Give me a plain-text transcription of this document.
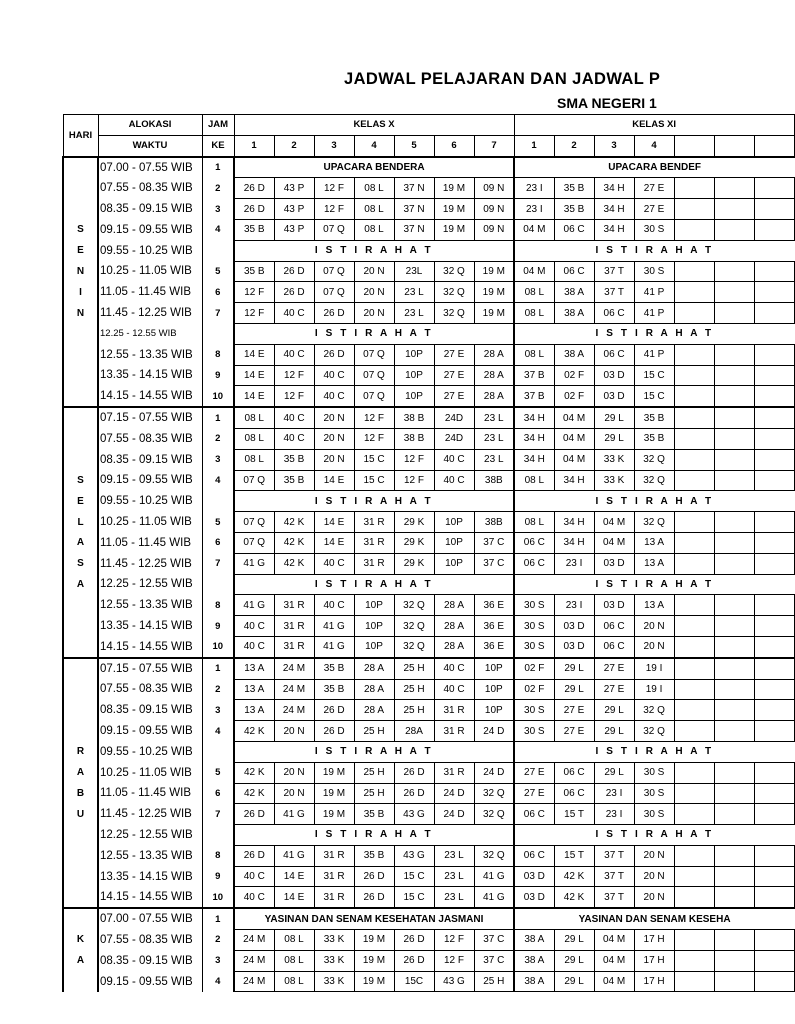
JADWAL PELAJARAN DAN JADWAL P
SMA NEGERI 1
HARI	ALOKASI	JAM	KELAS X							KELAS XI						
	WAKTU	KE	1	2	3	4	5	6	7	1	2	3	4			
	07.00 - 07.55 WIB	1	UPACARA BENDERA							UPACARA BENDEF						
	07.55 - 08.35 WIB	2	26 D	43 P	12 F	08 L	37 N	19 M	09 N	23 I	35 B	34 H	27 E			
	08.35 - 09.15 WIB	3	26 D	43 P	12 F	08 L	37 N	19 M	09 N	23 I	35 B	34 H	27 E			
S	09.15 - 09.55 WIB	4	35 B	43 P	07 Q	08 L	37 N	19 M	09 N	04 M	06 C	34 H	30 S			
E	09.55 - 10.25 WIB		I S T I R A H A T							I S T I R A H A T						
N	10.25 - 11.05 WIB	5	35 B	26 D	07 Q	20 N	23L	32 Q	19 M	04 M	06 C	37 T	30 S			
I	11.05 - 11.45 WIB	6	12 F	26 D	07 Q	20 N	23 L	32 Q	19 M	08 L	38 A	37 T	41 P			
N	11.45 - 12.25 WIB	7	12 F	40 C	26 D	20 N	23 L	32 Q	19 M	08 L	38 A	06 C	41 P			
	12.25 - 12.55 WIB		I S T I R A H A T							I S T I R A H A T						
	12.55 - 13.35 WIB	8	14 E	40 C	26 D	07 Q	10P	27 E	28 A	08 L	38 A	06 C	41 P			
	13.35 - 14.15 WIB	9	14 E	12 F	40 C	07 Q	10P	27 E	28 A	37 B	02 F	03 D	15 C			
	14.15 - 14.55 WIB	10	14 E	12 F	40 C	07 Q	10P	27 E	28 A	37 B	02 F	03 D	15 C			
	07.15 - 07.55 WIB	1	08 L	40 C	20 N	12 F	38 B	24D	23 L	34 H	04 M	29 L	35 B			
	07.55 - 08.35 WIB	2	08 L	40 C	20 N	12 F	38 B	24D	23 L	34 H	04 M	29 L	35 B			
	08.35 - 09.15 WIB	3	08 L	35 B	20 N	15 C	12 F	40 C	23 L	34 H	04 M	33 K	32 Q			
S	09.15 - 09.55 WIB	4	07 Q	35 B	14 E	15 C	12 F	40 C	38B	08 L	34 H	33 K	32 Q			
E	09.55 - 10.25 WIB		I S T I R A H A T							I S T I R A H A T						
L	10.25 - 11.05 WIB	5	07 Q	42 K	14 E	31 R	29 K	10P	38B	08 L	34 H	04 M	32 Q			
A	11.05 - 11.45 WIB	6	07 Q	42 K	14 E	31 R	29 K	10P	37 C	06 C	34 H	04 M	13 A			
S	11.45 - 12.25 WIB	7	41 G	42 K	40 C	31 R	29 K	10P	37 C	06 C	23 I	03 D	13 A			
A	12.25 - 12.55 WIB		I S T I R A H A T							I S T I R A H A T						
	12.55 - 13.35 WIB	8	41 G	31 R	40 C	10P	32 Q	28 A	36 E	30 S	23 I	03 D	13 A			
	13.35 - 14.15 WIB	9	40 C	31 R	41 G	10P	32 Q	28 A	36 E	30 S	03 D	06 C	20 N			
	14.15 - 14.55 WIB	10	40 C	31 R	41 G	10P	32 Q	28 A	36 E	30 S	03 D	06 C	20 N			
	07.15 - 07.55 WIB	1	13 A	24 M	35 B	28 A	25 H	40 C	10P	02 F	29 L	27 E	19 I			
	07.55 - 08.35 WIB	2	13 A	24 M	35 B	28 A	25 H	40 C	10P	02 F	29 L	27 E	19 I			
	08.35 - 09.15 WIB	3	13 A	24 M	26 D	28 A	25 H	31 R	10P	30 S	27 E	29 L	32 Q			
	09.15 - 09.55 WIB	4	42 K	20 N	26 D	25 H	28A	31 R	24 D	30 S	27 E	29 L	32 Q			
R	09.55 - 10.25 WIB		I S T I R A H A T							I S T I R A H A T						
A	10.25 - 11.05 WIB	5	42 K	20 N	19 M	25 H	26 D	31 R	24 D	27 E	06 C	29 L	30 S			
B	11.05 - 11.45 WIB	6	42 K	20 N	19 M	25 H	26 D	24 D	32 Q	27 E	06 C	23 I	30 S			
U	11.45 - 12.25 WIB	7	26 D	41 G	19 M	35 B	43 G	24 D	32 Q	06 C	15 T	23 I	30 S			
	12.25 - 12.55 WIB		I S T I R A H A T							I S T I R A H A T						
	12.55 - 13.35 WIB	8	26 D	41 G	31 R	35 B	43 G	23 L	32 Q	06 C	15 T	37 T	20 N			
	13.35 - 14.15 WIB	9	40 C	14 E	31 R	26 D	15 C	23 L	41 G	03 D	42 K	37 T	20 N			
	14.15 - 14.55 WIB	10	40 C	14 E	31 R	26 D	15 C	23 L	41 G	03 D	42 K	37 T	20 N			
	07.00 - 07.55 WIB	1	YASINAN DAN SENAM KESEHATAN JASMANI							YASINAN DAN SENAM KESEHA						
K	07.55 - 08.35 WIB	2	24 M	08 L	33 K	19 M	26 D	12 F	37 C	38 A	29 L	04 M	17 H			
A	08.35 - 09.15 WIB	3	24 M	08 L	33 K	19 M	26 D	12 F	37 C	38 A	29 L	04 M	17 H			
	09.15 - 09.55 WIB	4	24 M	08 L	33 K	19 M	15C	43 G	25 H	38 A	29 L	04 M	17 H			
